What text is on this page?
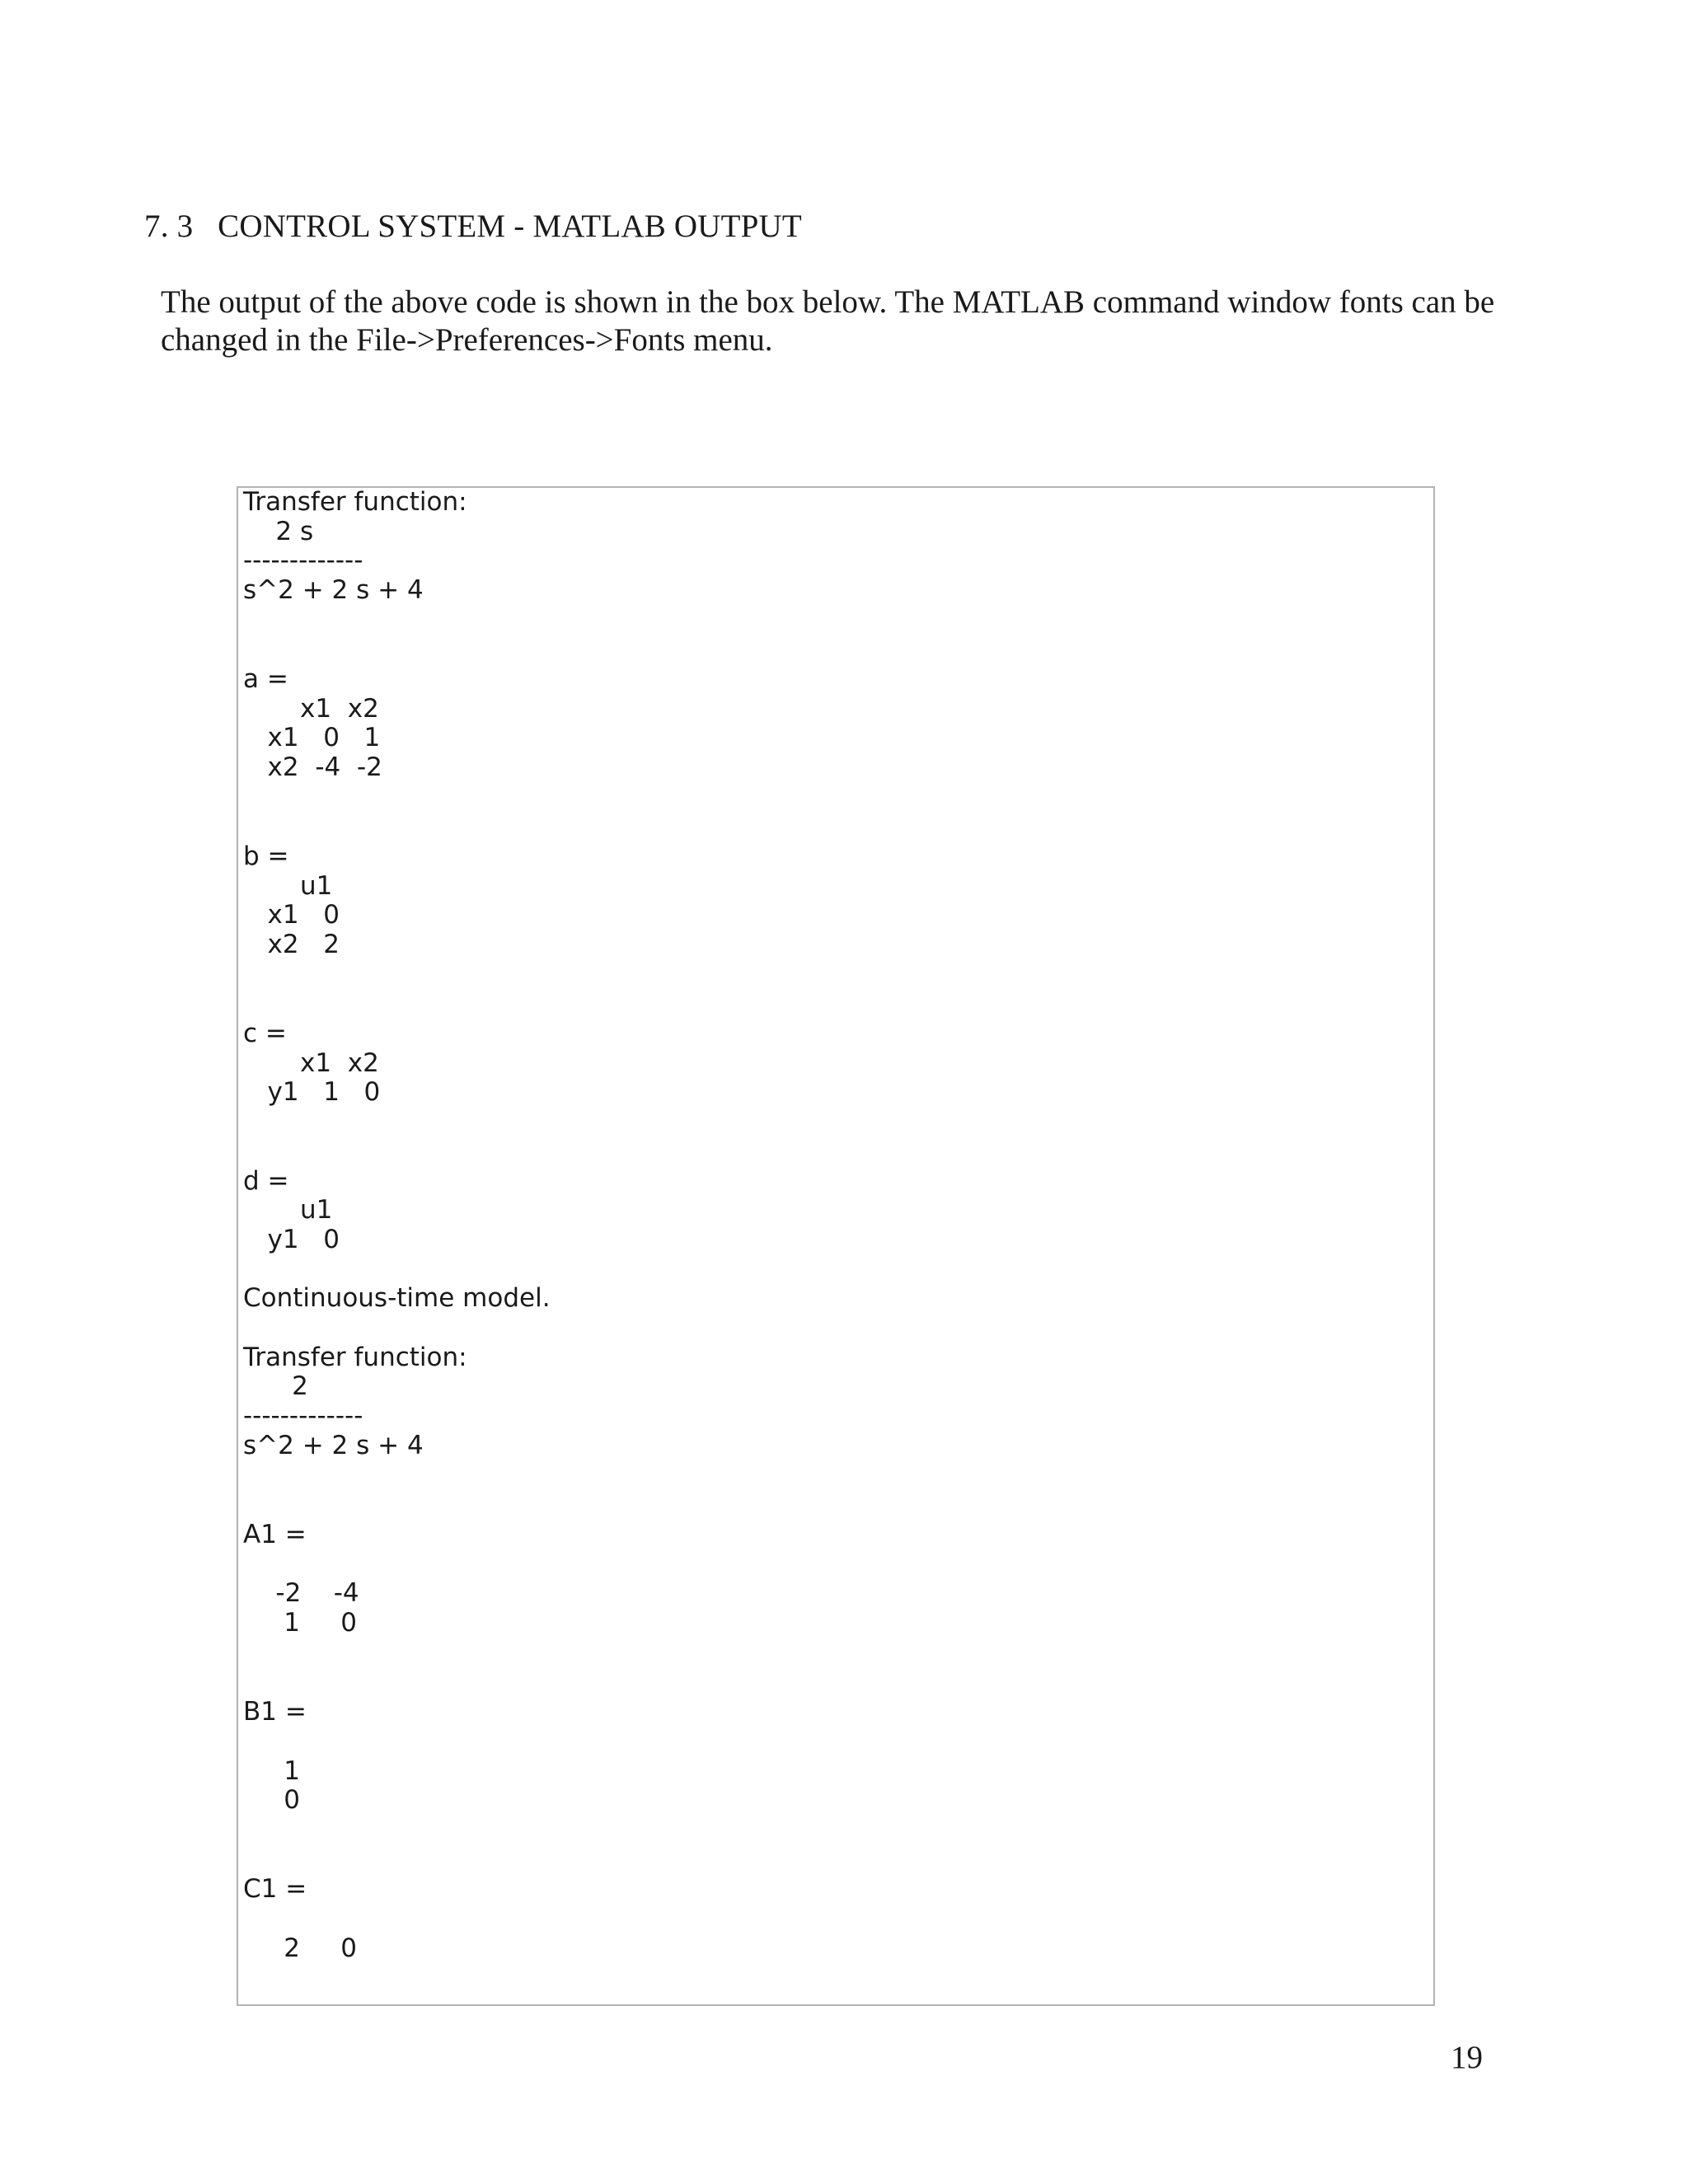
7. 3   CONTROL SYSTEM - MATLAB OUTPUT

The output of the above code is shown in the box below. The MATLAB command window fonts can be changed in the File->Preferences->Fonts menu.

Transfer function:
2 s
-------------
s^2 + 2 s + 4
a =
x1  x2
x1   0   1
x2  -4  -2
b =
u1
x1   0
x2   2
c =
x1  x2
y1   1   0
d =
u1
y1   0
Continuous-time model.
Transfer function:
2
-------------
s^2 + 2 s + 4
A1 =
-2    -4
1     0
B1 =
1
0
C1 =
2     0
19
